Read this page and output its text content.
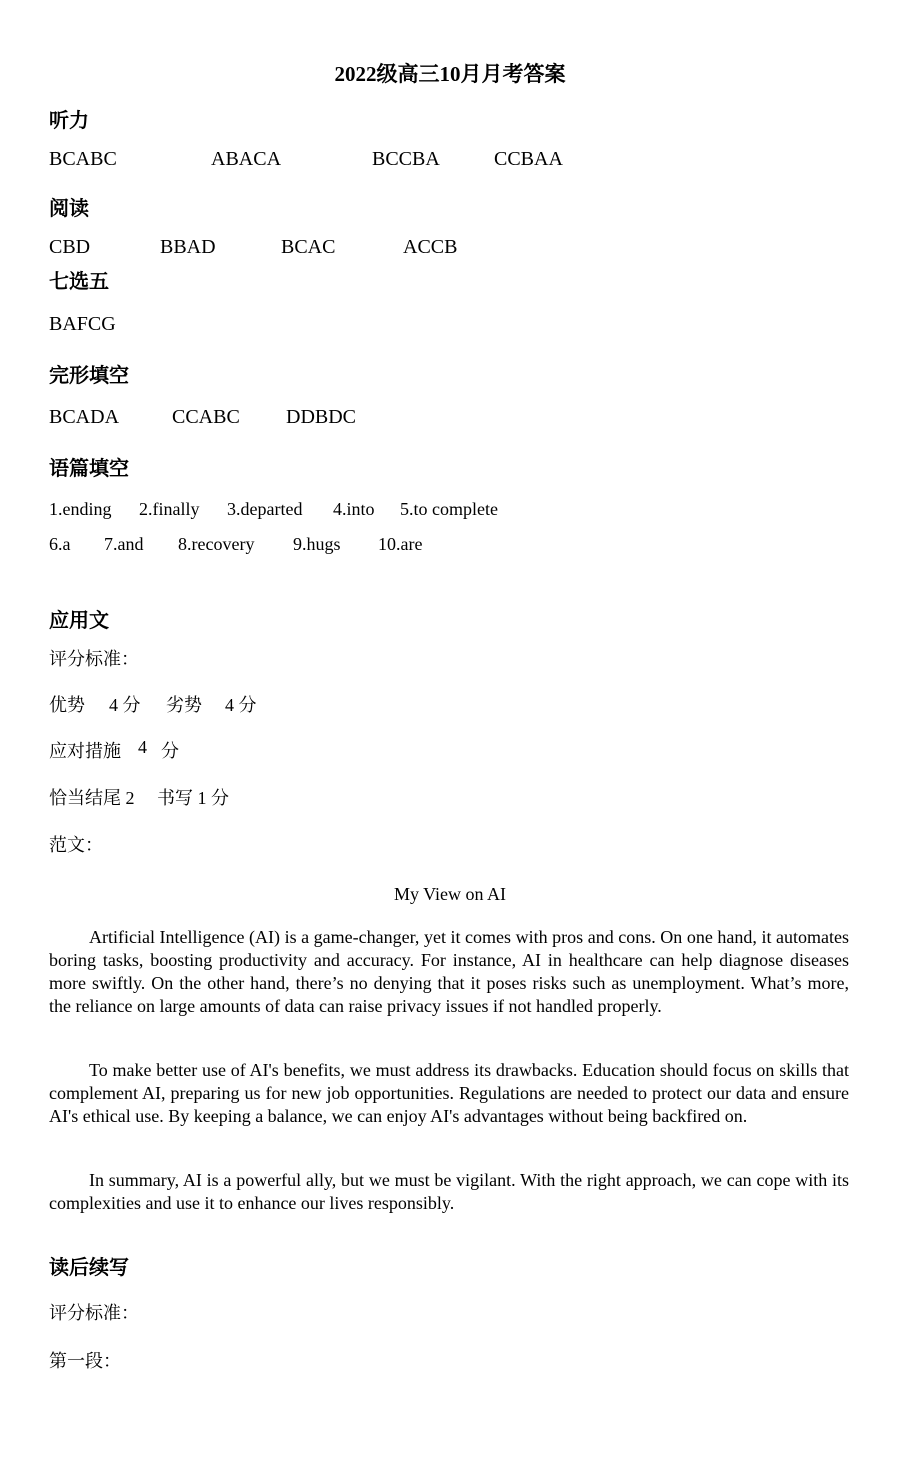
2022级高三10月月考答案
听力
BCABC	ABACA	BCCBA	CCBAA
阅读
CBD	BBAD	BCAC	ACCB
七选五
BAFCG
完形填空
BCADA	CCABC DDBDC
语篇填空
1.ending 2.finally 3.departed 4.into 5.to complete
6.a 7.and 8.recovery 9.hugs 10.are
应用文
评分标准：
优势 4 分 劣势 4 分
应对措施 4 分
恰当结尾 2 书写 1 分
范文：
My View on AI

Artificial Intelligence (AI) is a game-changer, yet it comes with pros and cons. On one hand, it automates boring tasks, boosting productivity and accuracy. For instance, AI in healthcare can help diagnose diseases more swiftly. On the other hand, there’s no denying that it poses risks such as unemployment. What’s more, the reliance on large amounts of data can raise privacy issues if not handled properly.

To make better use of AI's benefits, we must address its drawbacks. Education should focus on skills that complement AI, preparing us for new job opportunities. Regulations are needed to protect our data and ensure AI's ethical use. By keeping a balance, we can enjoy AI's advantages without being backfired on.

In summary, AI is a powerful ally, but we must be vigilant. With the right approach, we can cope with its complexities and use it to enhance our lives responsibly.

读后续写
评分标准：
第一段：
